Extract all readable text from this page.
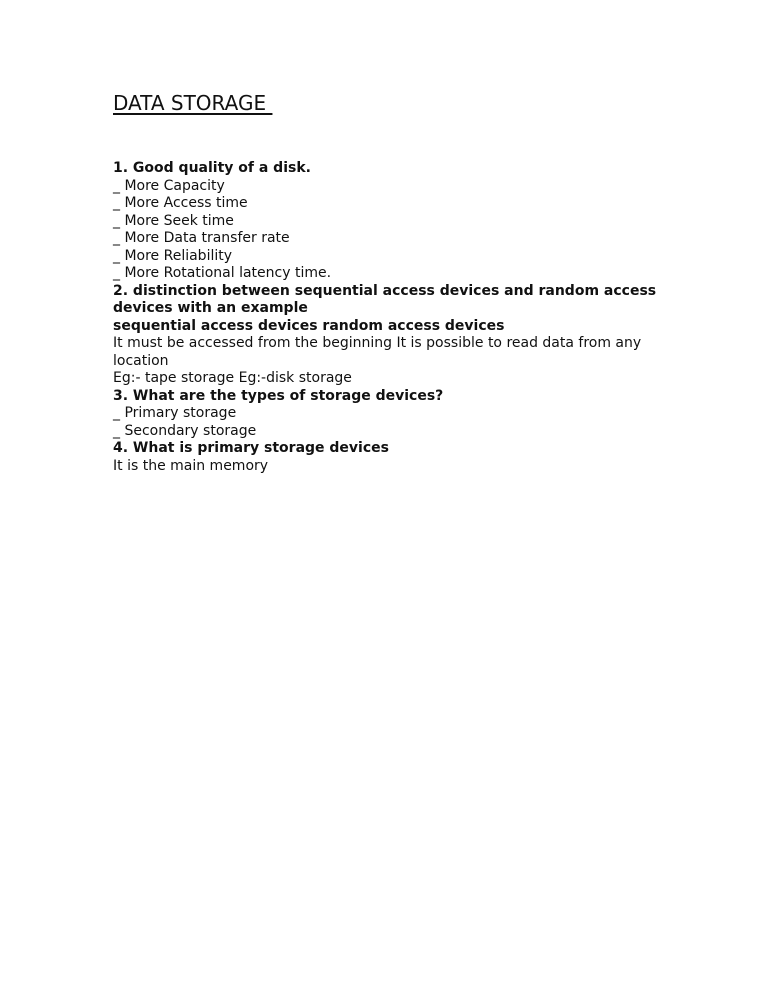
DATA STORAGE

1. Good quality of a disk.

_ More Capacity

_ More Access time

_ More Seek time

_ More Data transfer rate

_ More Reliability

_ More Rotational latency time.

2. distinction between sequential access devices and random access devices with an example

sequential access devices random access devices

It must be accessed from the beginning It is possible to read data from any location

Eg:- tape storage Eg:-disk storage

3. What are the types of storage devices?

_ Primary storage

_ Secondary storage

4. What is primary storage devices

It is the main memory
